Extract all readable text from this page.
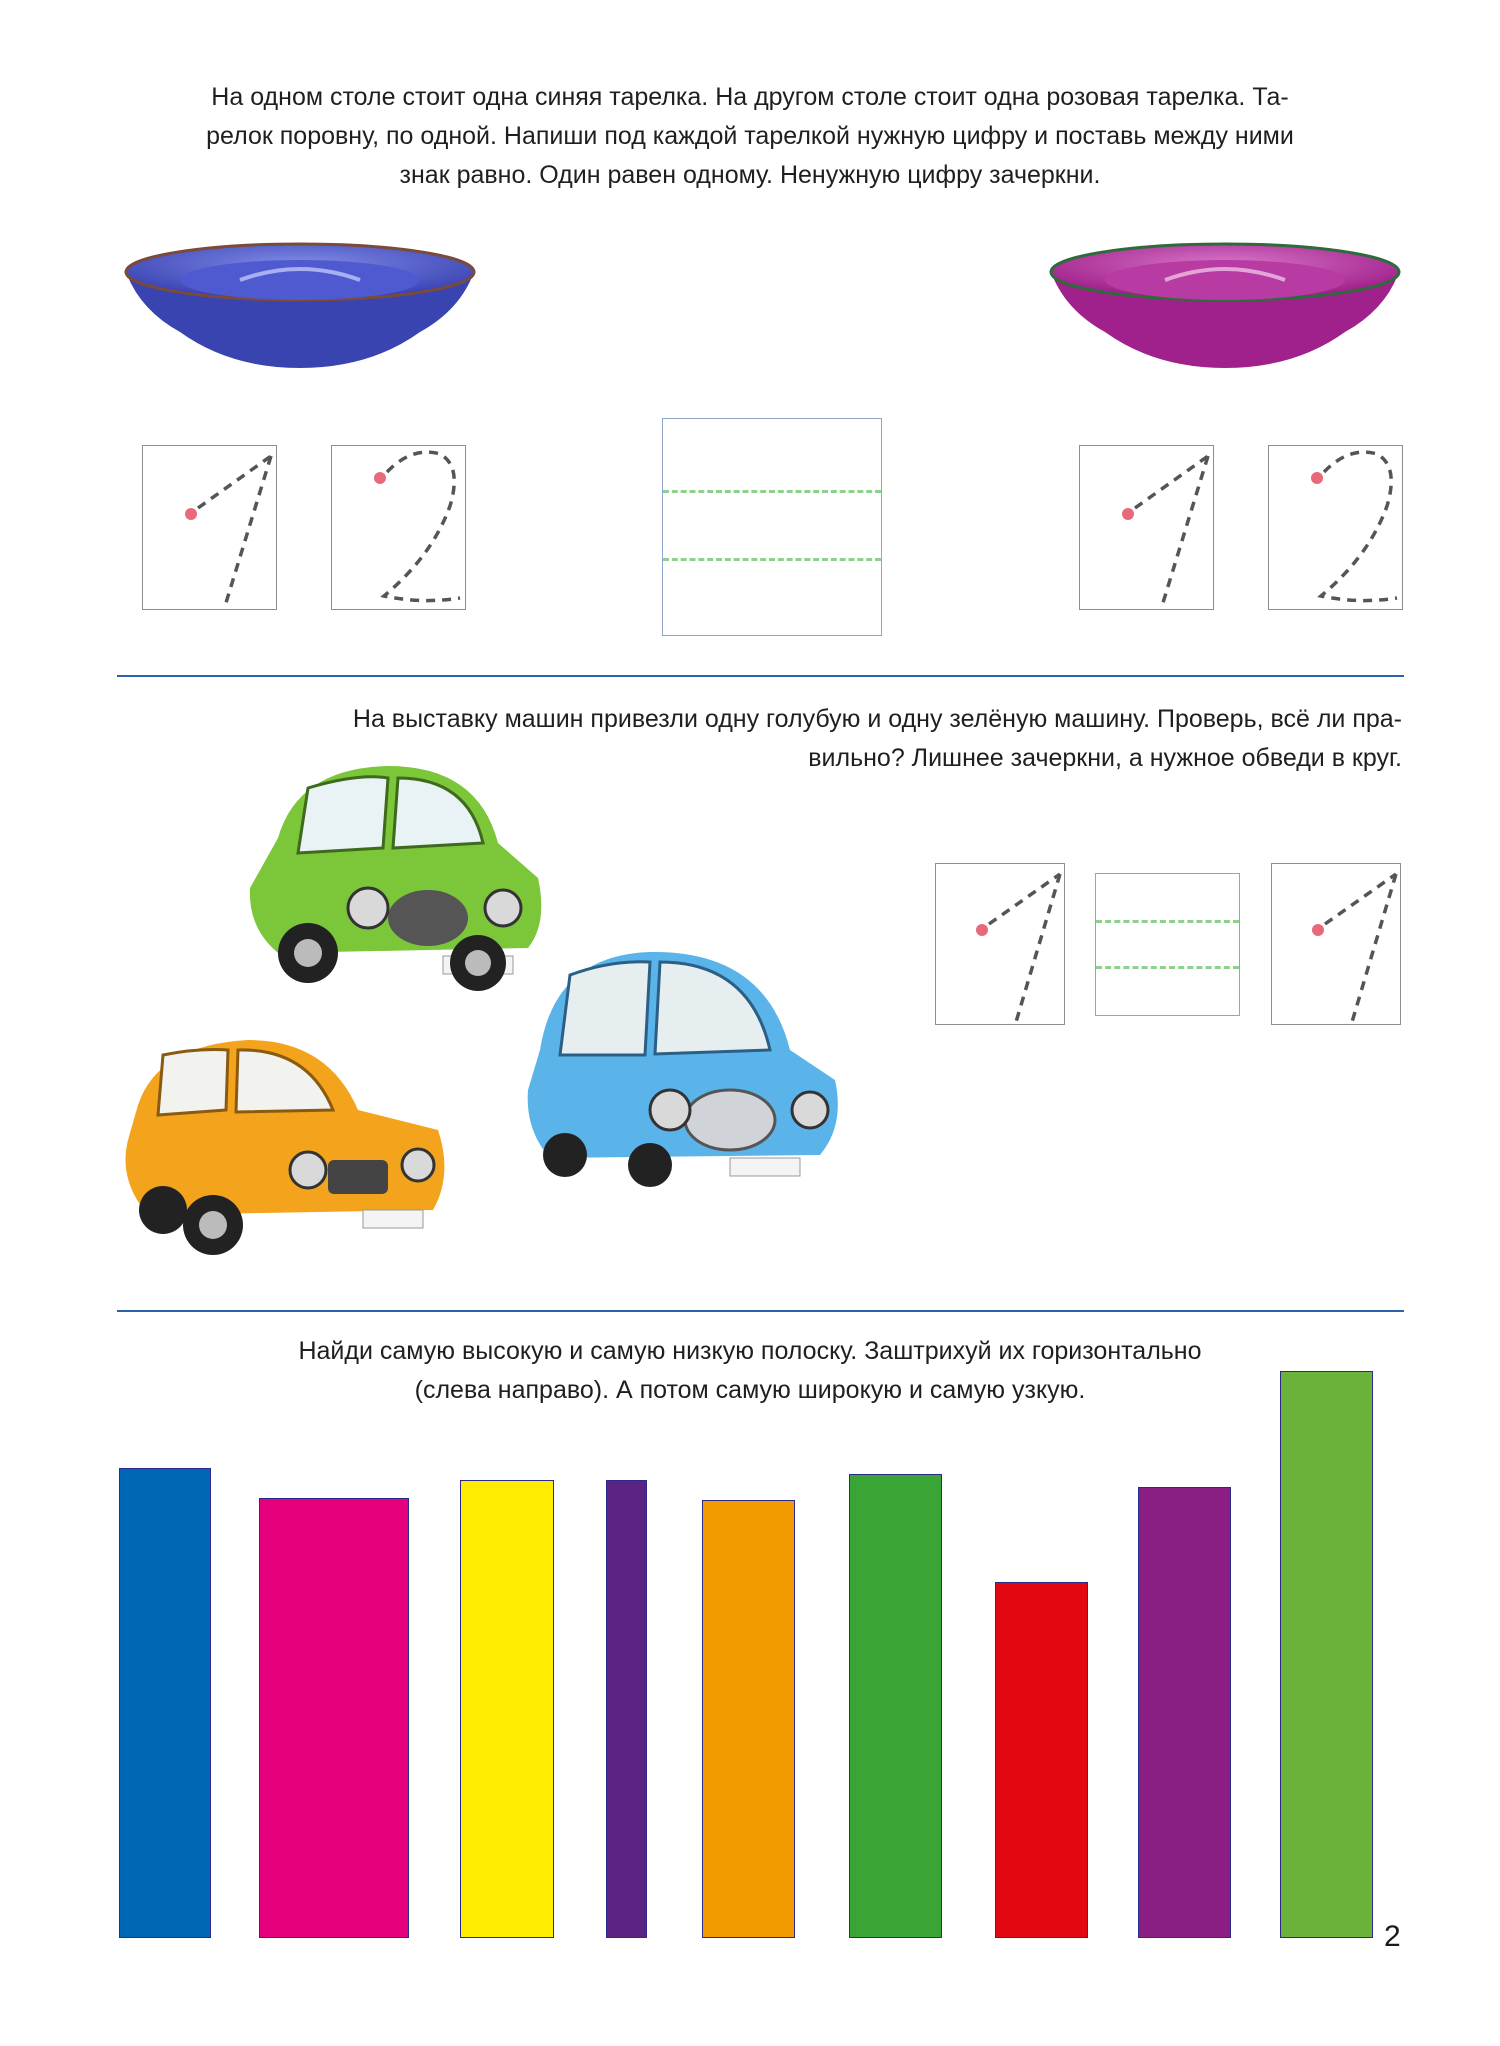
На одном столе стоит одна синяя тарелка. На другом столе стоит одна розовая тарелка. Та-
релок поровну, по одной. Напиши под каждой тарелкой нужную цифру и поставь между ними
знак равно. Один равен одному. Ненужную цифру зачеркни.
На выставку машин привезли одну голубую и одну зелёную машину. Проверь, всё ли пра-
вильно? Лишнее зачеркни, а нужное обведи в круг.
Найди самую высокую и самую низкую полоску. Заштрихуй их горизонтально
(слева направо). А потом самую широкую и самую узкую.
2
